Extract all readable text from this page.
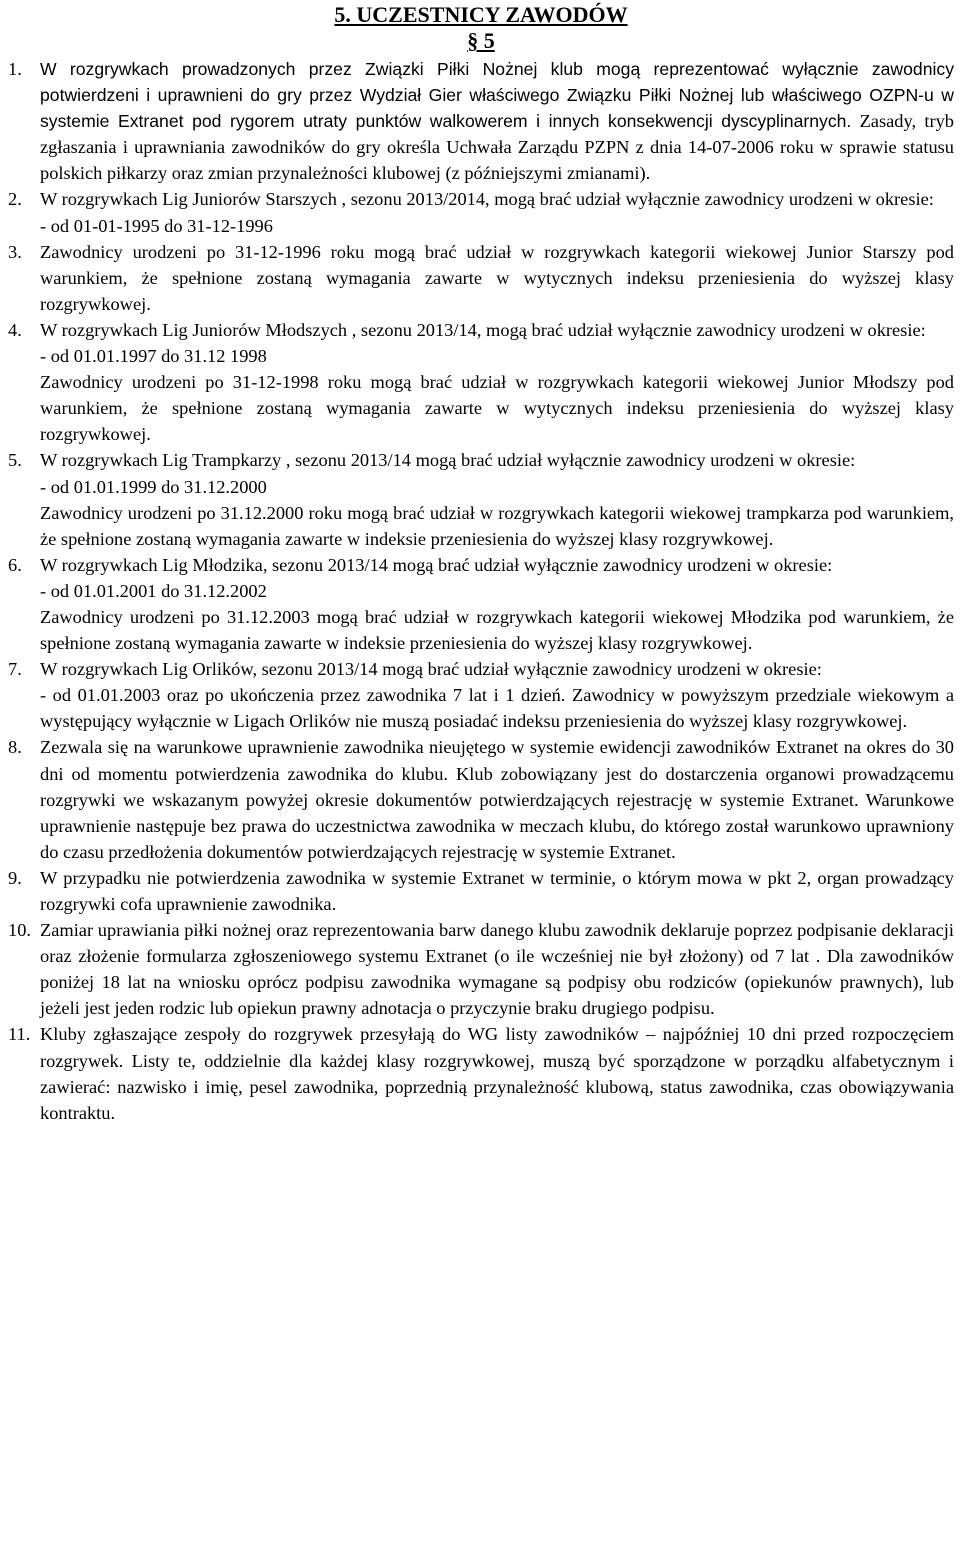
5. UCZESTNICY ZAWODÓW
§ 5
1.	W rozgrywkach prowadzonych przez Związki Piłki Nożnej klub mogą reprezentować wyłącznie zawodnicy potwierdzeni i uprawnieni do gry przez Wydział Gier właściwego Związku Piłki Nożnej lub właściwego OZPN-u w systemie Extranet pod rygorem utraty punktów walkowerem i innych konsekwencji dyscyplinarnych. Zasady, tryb zgłaszania i uprawniania zawodników do gry określa Uchwała Zarządu PZPN z dnia 14-07-2006 roku w sprawie statusu polskich piłkarzy oraz zmian przynależności klubowej (z późniejszymi zmianami).

2. W rozgrywkach Lig Juniorów Starszych , sezonu 2013/2014, mogą brać udział wyłącznie zawodnicy urodzeni w okresie:

- od 01-01-1995 do 31-12-1996

3. Zawodnicy urodzeni po 31-12-1996 roku mogą brać udział w rozgrywkach kategorii wiekowej Junior Starszy pod warunkiem, że spełnione zostaną wymagania zawarte w wytycznych indeksu przeniesienia do wyższej klasy rozgrywkowej.

4. W rozgrywkach Lig Juniorów Młodszych , sezonu 2013/14, mogą brać udział wyłącznie zawodnicy urodzeni w okresie:

- od 01.01.1997 do 31.12 1998

Zawodnicy urodzeni po 31-12-1998 roku mogą brać udział w rozgrywkach kategorii wiekowej Junior Młodszy pod warunkiem, że spełnione zostaną wymagania zawarte w wytycznych indeksu przeniesienia do wyższej klasy rozgrywkowej.

5. W rozgrywkach Lig Trampkarzy , sezonu 2013/14 mogą brać udział wyłącznie zawodnicy urodzeni w okresie:

- od 01.01.1999 do 31.12.2000

Zawodnicy urodzeni po 31.12.2000 roku mogą brać udział w rozgrywkach kategorii wiekowej trampkarza pod warunkiem, że spełnione zostaną wymagania zawarte w indeksie przeniesienia do wyższej klasy rozgrywkowej.

6. W rozgrywkach Lig Młodzika, sezonu 2013/14 mogą brać udział wyłącznie zawodnicy urodzeni w okresie:

- od 01.01.2001 do 31.12.2002

Zawodnicy urodzeni po 31.12.2003 mogą brać udział w rozgrywkach kategorii wiekowej Młodzika pod warunkiem, że spełnione zostaną wymagania zawarte w indeksie przeniesienia do wyższej klasy rozgrywkowej.

7. W rozgrywkach Lig Orlików, sezonu 2013/14 mogą brać udział wyłącznie zawodnicy urodzeni w okresie:

- od 01.01.2003 oraz po ukończenia przez zawodnika 7 lat i 1 dzień. Zawodnicy w powyższym przedziale wiekowym a występujący wyłącznie w Ligach Orlików nie muszą posiadać indeksu przeniesienia do wyższej klasy rozgrywkowej.

8. Zezwala się na warunkowe uprawnienie zawodnika nieujętego w systemie ewidencji zawodników Extranet na okres do 30 dni od momentu potwierdzenia zawodnika do klubu. Klub zobowiązany jest do dostarczenia organowi prowadzącemu rozgrywki we wskazanym powyżej okresie dokumentów potwierdzających rejestrację w systemie Extranet. Warunkowe uprawnienie następuje bez prawa do uczestnictwa zawodnika w meczach klubu, do którego został warunkowo uprawniony do czasu przedłożenia dokumentów potwierdzających rejestrację w systemie Extranet.

9. W przypadku nie potwierdzenia zawodnika w systemie Extranet w terminie, o którym mowa w pkt 2, organ prowadzący rozgrywki cofa uprawnienie zawodnika.

10. Zamiar uprawiania piłki nożnej oraz reprezentowania barw danego klubu zawodnik deklaruje poprzez podpisanie deklaracji oraz złożenie formularza zgłoszeniowego systemu Extranet (o ile wcześniej nie był złożony) od 7 lat . Dla zawodników poniżej 18 lat na wniosku oprócz podpisu zawodnika wymagane są podpisy obu rodziców (opiekunów prawnych), lub jeżeli jest jeden rodzic lub opiekun prawny adnotacja o przyczynie braku drugiego podpisu.

11. Kluby zgłaszające zespoły do rozgrywek przesyłają do WG listy zawodników – najpóźniej 10 dni przed rozpoczęciem rozgrywek. Listy te, oddzielnie dla każdej klasy rozgrywkowej, muszą być sporządzone w porządku alfabetycznym i zawierać: nazwisko i imię, pesel zawodnika, poprzednią przynależność klubową, status zawodnika, czas obowiązywania kontraktu.
